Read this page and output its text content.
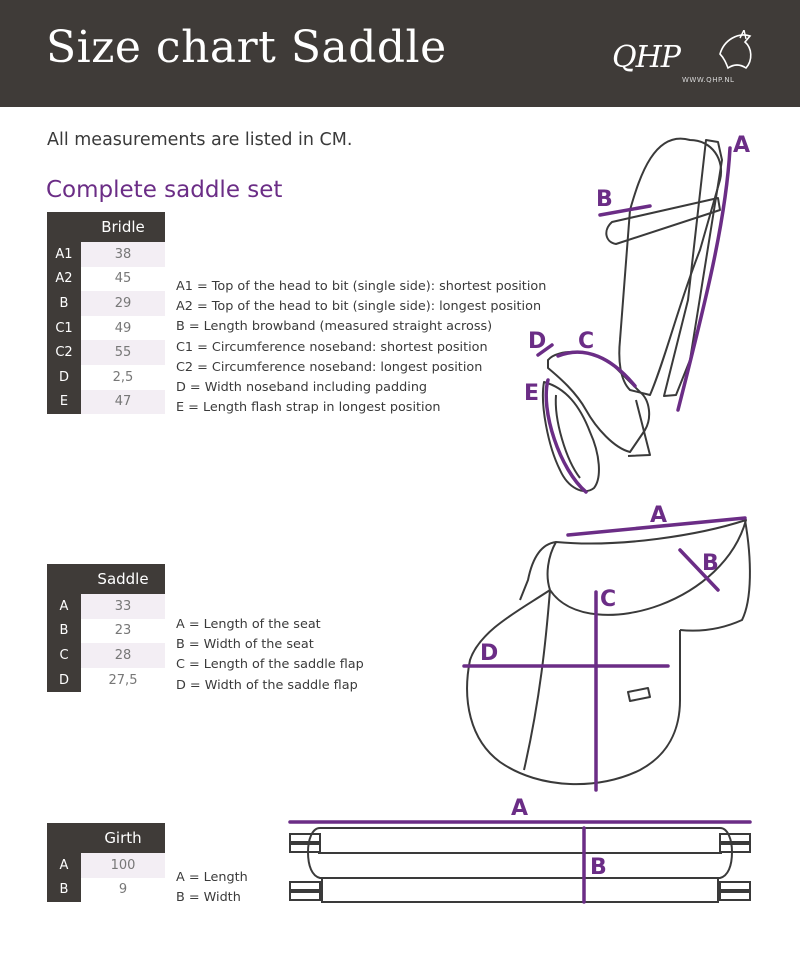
Size chart Saddle	QHP
WWW.QHP.NL
All measurements are listed in CM.
Complete saddle set
	Bridle
A1	38
A2	45
B	29
C1	49
C2	55
D	2,5
E	47
A1 = Top of the head to bit (single side): shortest position
A2 = Top of the head to bit (single side): longest position
B = Length browband (measured straight across)
C1 = Circumference noseband: shortest position
C2 = Circumference noseband: longest position
D = Width noseband including padding
E = Length flash strap in longest position
	Saddle
A	33
B	23
C	28
D	27,5
A = Length of the seat
B = Width of the seat
C = Length of the saddle flap
D = Width of the saddle flap
	Girth
A	100
B	9
A = Length
B = Width
A
B
C
D
E
A
B
C
D
A
B
